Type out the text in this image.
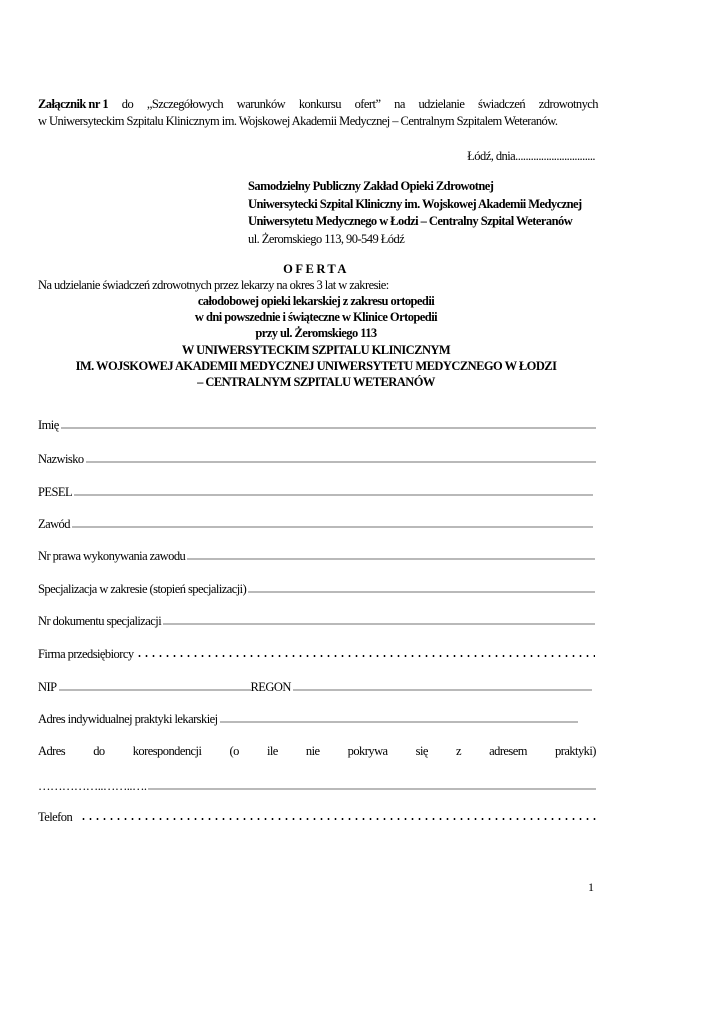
Załącznik nr 1 do „Szczegółowych warunków konkursu ofert” na udzielanie świadczeń zdrowotnych
w Uniwersyteckim Szpitalu Klinicznym im. Wojskowej Akademii Medycznej – Centralnym Szpitalem Weteranów.
Łódź, dnia...............................
Samodzielny Publiczny Zakład Opieki Zdrowotnej
Uniwersytecki Szpital Kliniczny im. Wojskowej Akademii Medycznej
Uniwersytetu Medycznego w Łodzi – Centralny Szpital Weteranów
ul. Żeromskiego 113, 90-549 Łódź
OFERTA
Na udzielanie świadczeń zdrowotnych przez lekarzy na okres 3 lat w zakresie:
całodobowej opieki lekarskiej z zakresu ortopedii
w dni powszednie i świąteczne w Klinice Ortopedii
przy ul. Żeromskiego 113
W UNIWERSYTECKIM SZPITALU KLINICZNYM
IM. WOJSKOWEJ AKADEMII MEDYCZNEJ UNIWERSYTETU MEDYCZNEGO W ŁODZI
– CENTRALNYM SZPITALU WETERANÓW
Imię
Nazwisko
PESEL
Zawód
Nr prawa wykonywania zawodu
Specjalizacja w zakresie (stopień specjalizacji)
Nr dokumentu specjalizacji
Firma przedsiębiorcy
NIP	REGON
Adres indywidualnej praktyki lekarskiej
Adres do korespondencji (o ile nie pokrywa się z adresem praktyki)
……………..……..….
Telefon
1
